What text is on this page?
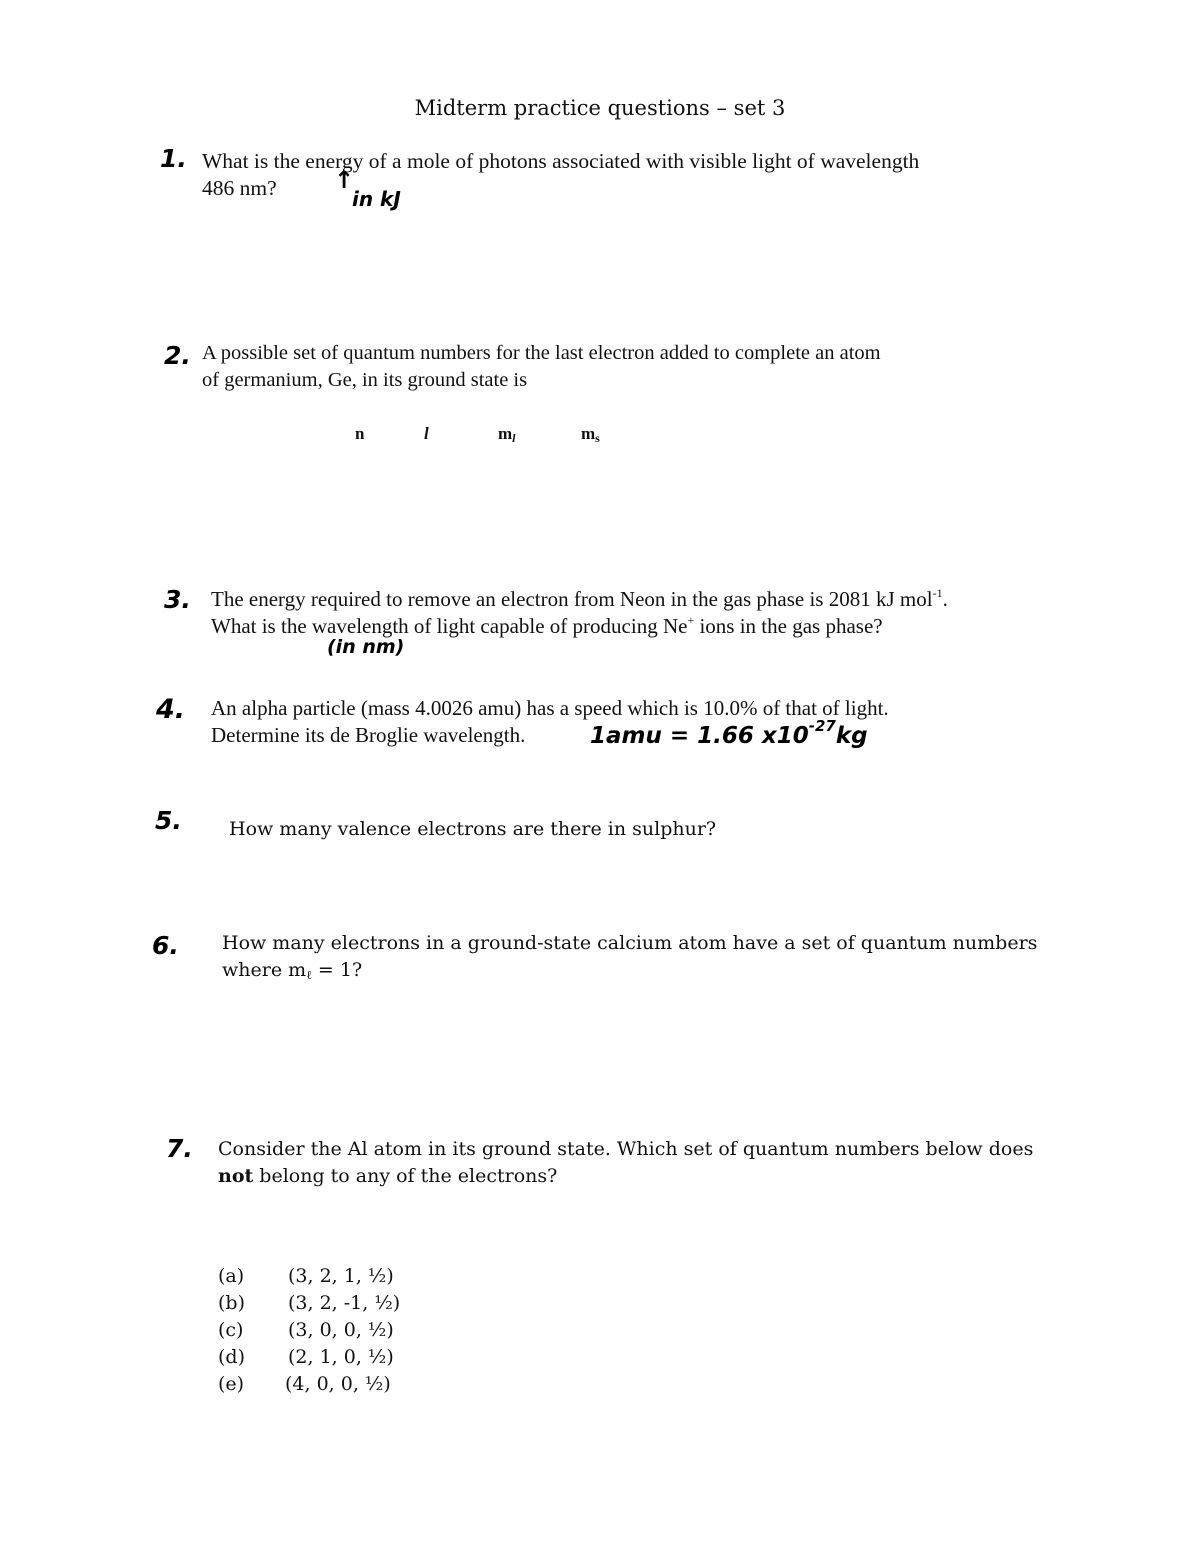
Midterm practice questions – set 3
1. What is the energy of a mole of photons associated with visible light of wavelength
486 nm?	↑
in kJ
2. A possible set of quantum numbers for the last electron added to complete an atom
of germanium, Ge, in its ground state is
n	l	$m_l$	$m_s$
3. The energy required to remove an electron from Neon in the gas phase is 2081 kJ mol$^{-1}$.
What is the wavelength of light capable of producing Ne+ ions in the gas phase?
(in nm)
4. An alpha particle (mass 4.0026 amu) has a speed which is 10.0% of that of light.
Determine its de Broglie wavelength.	1amu = 1.66 $x10^{-27}kg$
5. How many valence electrons are there in sulphur?
6. How many electrons in a ground-state calcium atom have a set of quantum numbers
where $m_\ell = 1$?
7. Consider the Al atom in its ground state. Which set of quantum numbers below does
not belong to any of the electrons?
(a) (3, 2, 1, ½)
(b) (3, 2, -1, ½)
(c) (3, 0, 0, ½)
(d) (2, 1, 0, ½)
(e) (4, 0, 0, ½)
